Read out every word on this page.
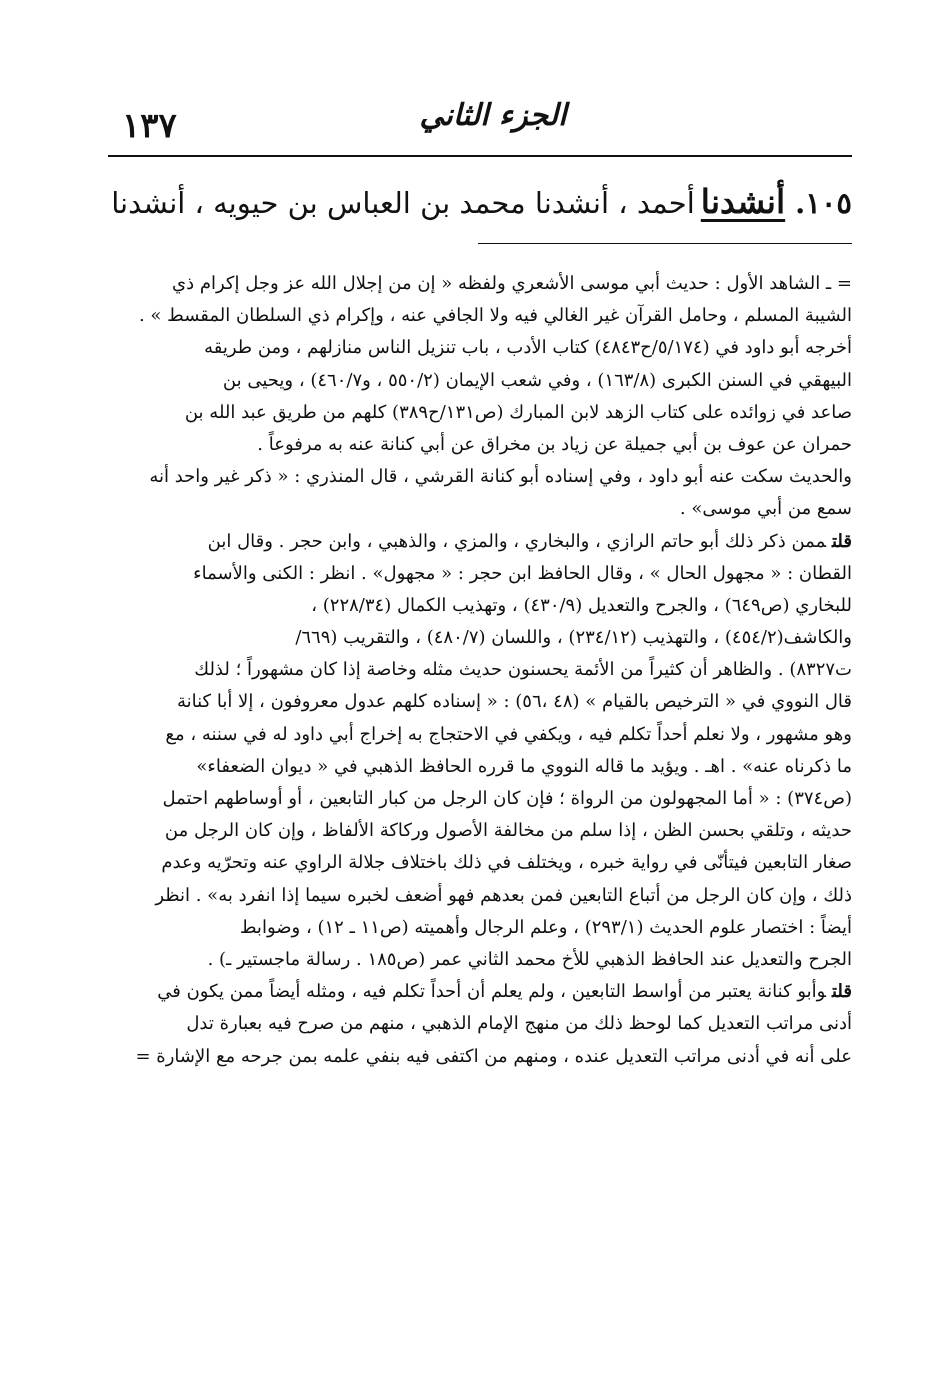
١٣٧	الجزء الثاني
١٠٥.أنشدناأحمد ، أنشدنا محمد بن العباس بن حيويه ، أنشدنا
= ـ الشاهد الأول : حديث أبي موسى الأشعري ولفظه « إن من إجلال الله عز وجل إكرام ذي
الشيبة المسلم ، وحامل القرآن غير الغالي فيه ولا الجافي عنه ، وإكرام ذي السلطان المقسط » .
أخرجه أبو داود في (٥/١٧٤/ح٤٨٤٣) كتاب الأدب ، باب تنزيل الناس منازلهم ، ومن طريقه
البيهقي في السنن الكبرى (١٦٣/٨) ، وفي شعب الإيمان (٥٥٠/٢ ، و٤٦٠/٧) ، ويحيى بن
صاعد في زوائده على كتاب الزهد لابن المبارك (ص١٣١/ح٣٨٩) كلهم من طريق عبد الله بن
حمران عن عوف بن أبي جميلة عن زياد بن مخراق عن أبي كنانة عنه به مرفوعاً .
والحديث سكت عنه أبو داود ، وفي إسناده أبو كنانة القرشي ، قال المنذري : « ذكر غير واحد أنه
سمع من أبي موسى» .
قلتممن ذكر ذلك أبو حاتم الرازي ، والبخاري ، والمزي ، والذهبي ، وابن حجر . وقال ابن
القطان : « مجهول الحال » ، وقال الحافظ ابن حجر : « مجهول» . انظر : الكنى والأسماء
للبخاري (ص٦٤٩) ، والجرح والتعديل (٤٣٠/٩) ، وتهذيب الكمال (٢٢٨/٣٤) ،
والكاشف(٤٥٤/٢) ، والتهذيب (٢٣٤/١٢) ، واللسان (٤٨٠/٧) ، والتقريب (٦٦٩/
ت٨٣٢٧) . والظاهر أن كثيراً من الأئمة يحسنون حديث مثله وخاصة إذا كان مشهوراً ؛ لذلك
قال النووي في « الترخيص بالقيام » (٤٨ ،٥٦) : « إسناده كلهم عدول معروفون ، إلا أبا كنانة
وهو مشهور ، ولا نعلم أحداً تكلم فيه ، ويكفي في الاحتجاج به إخراج أبي داود له في سننه ، مع
ما ذكرناه عنه» . اهـ . ويؤيد ما قاله النووي ما قرره الحافظ الذهبي في « ديوان الضعفاء»
(ص٣٧٤) : « أما المجهولون من الرواة ؛ فإن كان الرجل من كبار التابعين ، أو أوساطهم احتمل
حديثه ، وتلقي بحسن الظن ، إذا سلم من مخالفة الأصول وركاكة الألفاظ ، وإن كان الرجل من
صغار التابعين فيتأنّى في رواية خبره ، ويختلف في ذلك باختلاف جلالة الراوي عنه وتحرّيه وعدم
ذلك ، وإن كان الرجل من أتباع التابعين فمن بعدهم فهو أضعف لخبره سيما إذا انفرد به» . انظر
أيضاً : اختصار علوم الحديث (٢٩٣/١) ، وعلم الرجال وأهميته (ص١١ ـ ١٢) ، وضوابط
الجرح والتعديل عند الحافظ الذهبي للأخ محمد الثاني عمر (ص١٨٥ . رسالة ماجستير ـ) .
قلتوأبو كنانة يعتبر من أواسط التابعين ، ولم يعلم أن أحداً تكلم فيه ، ومثله أيضاً ممن يكون في
أدنى مراتب التعديل كما لوحظ ذلك من منهج الإمام الذهبي ، منهم من صرح فيه بعبارة تدل
على أنه في أدنى مراتب التعديل عنده ، ومنهم من اكتفى فيه بنفي علمه بمن جرحه مع الإشارة =
